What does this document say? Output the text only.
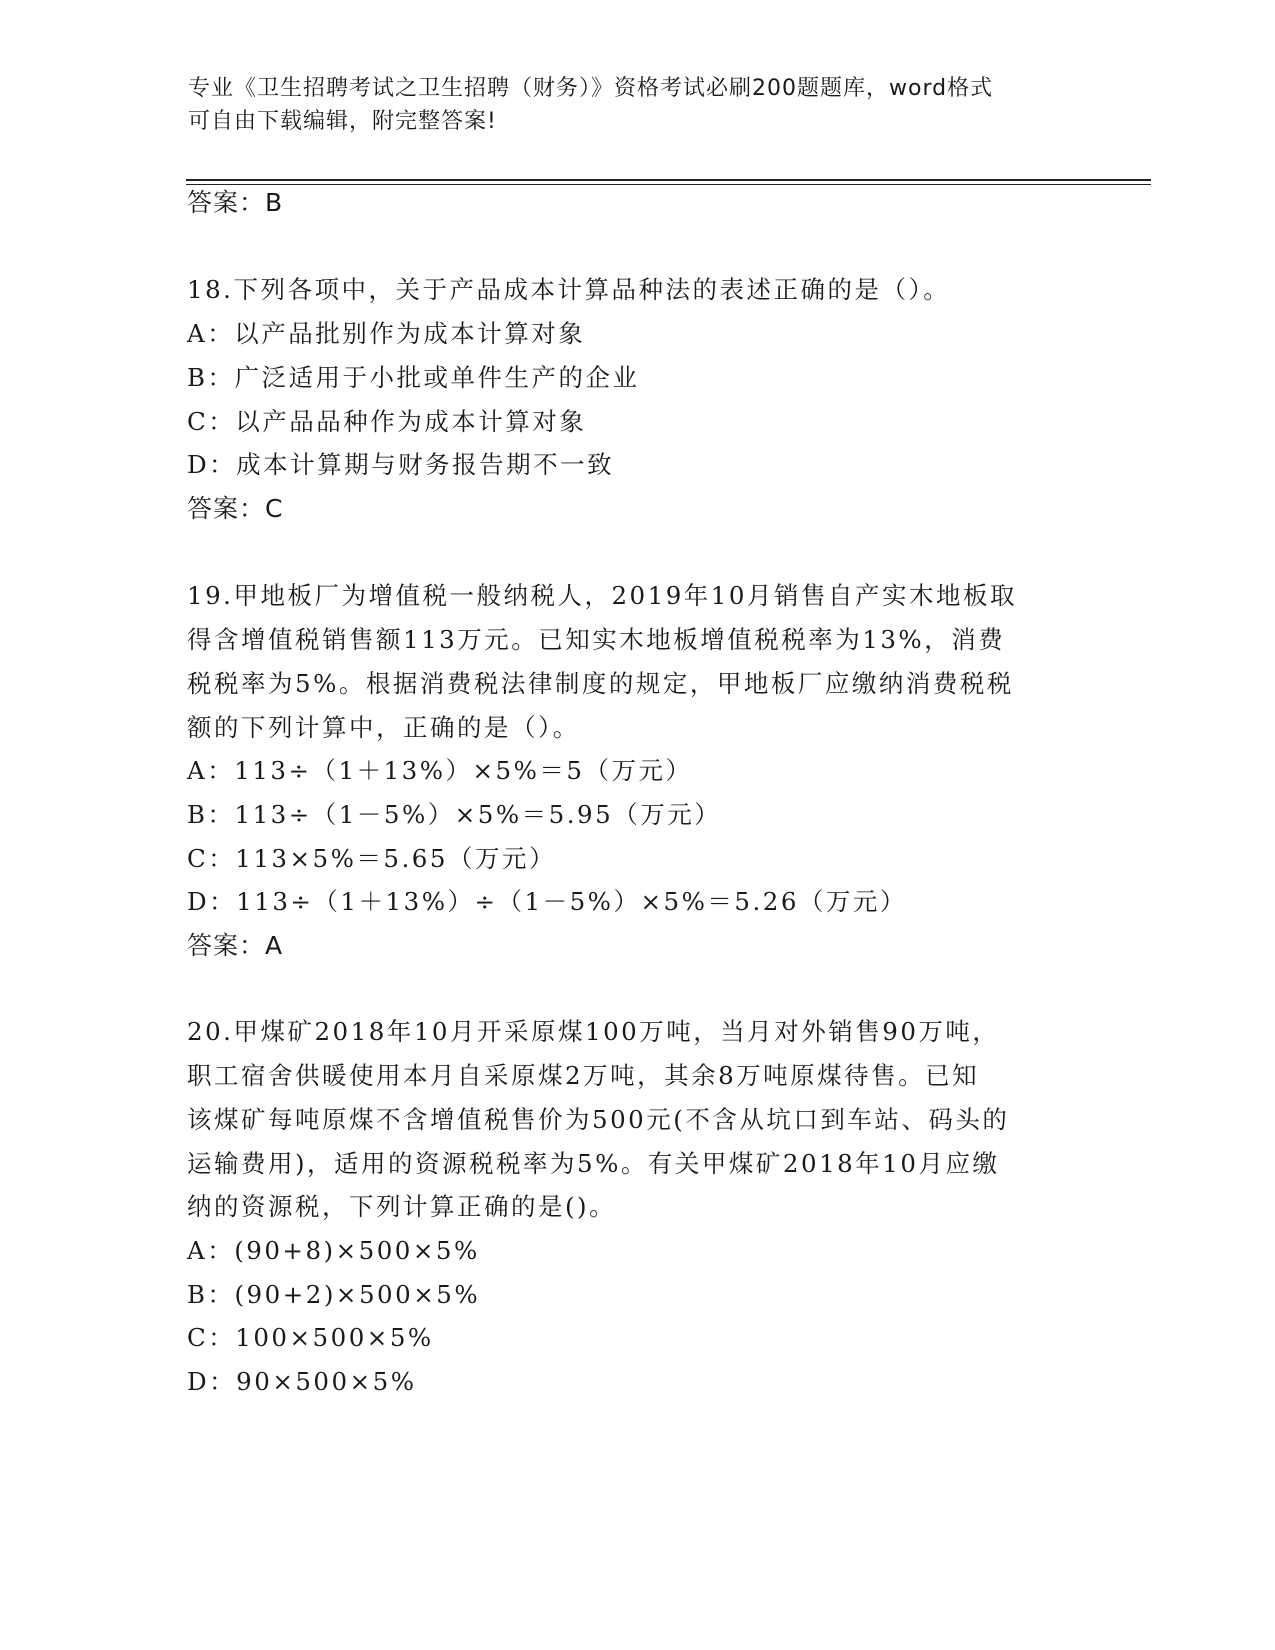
专业《卫生招聘考试之卫生招聘（财务）》资格考试必刷200题题库，word格式
可自由下载编辑，附完整答案!
答案：B
18.下列各项中，关于产品成本计算品种法的表述正确的是（）。
A：以产品批别作为成本计算对象
B：广泛适用于小批或单件生产的企业
C：以产品品种作为成本计算对象
D：成本计算期与财务报告期不一致
答案：C
19.甲地板厂为增值税一般纳税人，2019年10月销售自产实木地板取
得含增值税销售额113万元。已知实木地板增值税税率为13%，消费
税税率为5%。根据消费税法律制度的规定，甲地板厂应缴纳消费税税
额的下列计算中，正确的是（）。
A：113÷（1＋13%）×5%＝5（万元）
B：113÷（1－5%）×5%＝5.95（万元）
C：113×5%＝5.65（万元）
D：113÷（1＋13%）÷（1－5%）×5%＝5.26（万元）
答案：A
20.甲煤矿2018年10月开采原煤100万吨，当月对外销售90万吨，
职工宿舍供暖使用本月自采原煤2万吨，其余8万吨原煤待售。已知
该煤矿每吨原煤不含增值税售价为500元(不含从坑口到车站、码头的
运输费用)，适用的资源税税率为5%。有关甲煤矿2018年10月应缴
纳的资源税，下列计算正确的是()。
A：(90+8)×500×5%
B：(90+2)×500×5%
C：100×500×5%
D：90×500×5%
